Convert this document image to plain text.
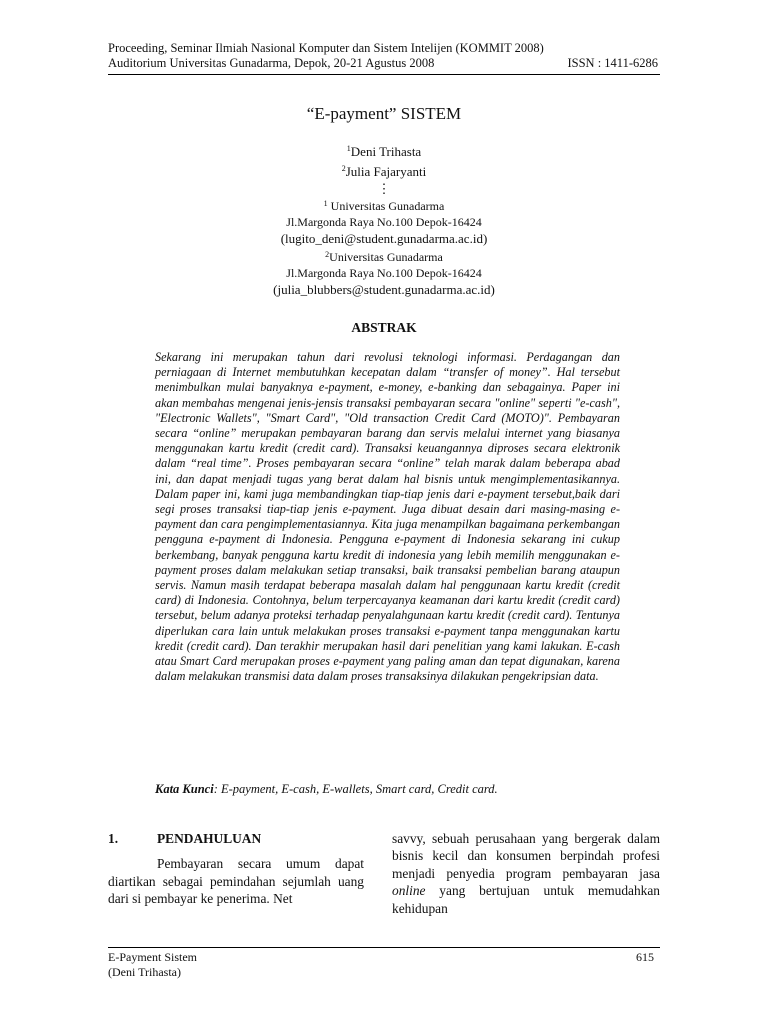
Proceeding, Seminar Ilmiah Nasional Komputer dan Sistem Intelijen (KOMMIT 2008)
Auditorium Universitas Gunadarma, Depok, 20-21 Agustus 2008	ISSN : 1411-6286
“E-payment” SISTEM
$^1$Deni Trihasta
$^2$Julia Fajaryanti
⋮
$^1$ Universitas Gunadarma
Jl.Margonda Raya No.100 Depok-16424
(lugito_deni@student.gunadarma.ac.id)
$^2$Universitas Gunadarma
Jl.Margonda Raya No.100 Depok-16424
(julia_blubbers@student.gunadarma.ac.id)
ABSTRAK
Sekarang ini merupakan tahun dari revolusi teknologi informasi. Perdagangan dan perniagaan di Internet membutuhkan kecepatan dalam “transfer of money”. Hal tersebut menimbulkan mulai banyaknya e-payment, e-money, e-banking dan sebagainya. Paper ini akan membahas mengenai jenis-jensis transaksi pembayaran secara "online" seperti "e-cash", "Electronic Wallets", "Smart Card", "Old transaction Credit Card (MOTO)". Pembayaran secara “online” merupakan pembayaran barang dan servis melalui internet yang biasanya menggunakan kartu kredit (credit card). Transaksi keuangannya diproses secara elektronik dalam “real time”. Proses pembayaran secara “online” telah marak dalam beberapa abad ini, dan dapat menjadi tugas yang berat dalam hal bisnis untuk mengimplementasikannya. Dalam paper ini, kami juga membandingkan tiap-tiap jenis dari e-payment tersebut,baik dari segi proses transaksi tiap-tiap jenis e-payment. Juga dibuat desain dari masing-masing e-payment dan cara pengimplementasiannya. Kita juga menampilkan bagaimana perkembangan pengguna e-payment di Indonesia. Pengguna e-payment di Indonesia sekarang ini cukup berkembang, banyak pengguna kartu kredit di indonesia yang lebih memilih menggunakan e-payment proses dalam melakukan setiap transaksi, baik transaksi pembelian barang ataupun servis. Namun masih terdapat beberapa masalah dalam hal penggunaan kartu kredit (credit card) di Indonesia. Contohnya, belum terpercayanya keamanan dari kartu kredit (credit card) tersebut, belum adanya proteksi terhadap penyalahgunaan kartu kredit (credit card). Tentunya diperlukan cara lain untuk melakukan proses transaksi e-payment tanpa menggunakan kartu kredit (credit card). Dan terakhir merupakan hasil dari penelitian yang kami lakukan. E-cash atau Smart Card merupakan proses e-payment yang paling aman dan tepat digunakan, karena dalam melakukan transmisi data dalam proses transaksinya dilakukan pengekripsian data.
Kata Kunci: E-payment, E-cash, E-wallets, Smart card, Credit card.
1.	PENDAHULUAN
Pembayaran secara umum dapat diartikan sebagai pemindahan sejumlah uang dari si pembayar ke penerima. Net
savvy, sebuah perusahaan yang bergerak dalam bisnis kecil dan konsumen berpindah profesi menjadi penyedia program pembayaran jasa online yang bertujuan untuk memudahkan kehidupan
E-Payment Sistem
(Deni Trihasta)
615
